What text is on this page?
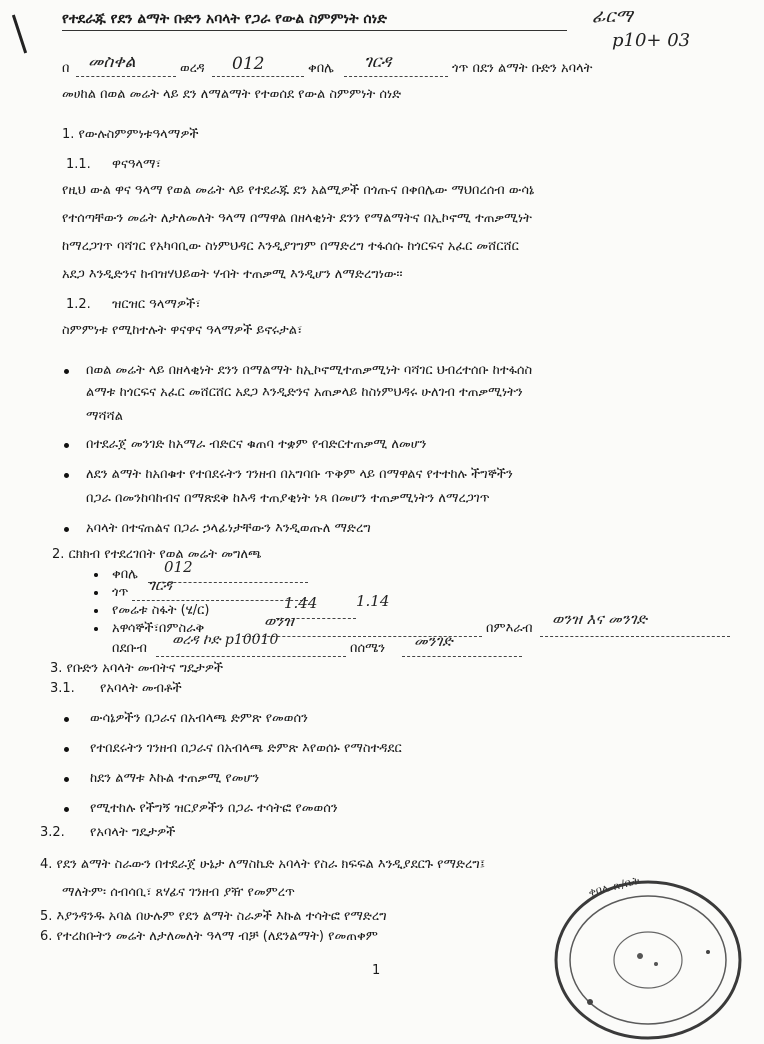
የተደራጁ የደን ልማት ቡድን አባላት የጋራ የውል ስምምነት ሰነድ	ፊርማ
p10+ 03
በ መስቀል	ወረዳ 012	ቀበሌ ገርዳ	ጎጥ በደን ልማት ቡድን አባላት
መሀከል በወል መሬት ላይ ደን ለማልማት የተወሰደ የውል ስምምነት ሰነድ
1. የውሉስምምነቱዓላማዎች
1.1. ዋናዓላማ፣
የዚህ ውል ዋና ዓላማ የወል መሬት ላይ የተደራጁ ደን አልሚዎች በጎጡና በቀበሌው ማህበረሰብ ውሳኔ
የተሰጣቸውን መሬት ለታለመለት ዓላማ በማዋል በዘላቂነት ደንን የማልማትና በኢኮኖሚ ተጠቃሚነት
ከማረጋገጥ ባሻገር የአካባቢው ስነምህዳር እንዲያገግም በማድረግ ተፋሰሱ ከጎርፍና አፈር መሸርሸር
አደጋ እንዲድንና ከብዝሃህይወት ሃብት ተጠቃሚ እንዲሆን ለማድረግነው፡፡
1.2. ዝርዝር ዓላማዎች፣
ስምምነቱ የሚከተሉት ዋናዋና ዓላማዎች ይኖሩታል፣
በወል መሬት ላይ በዘላቂነት ደንን በማልማት ከኢኮኖሚተጠቃሚነት ባሻገር ህብረተሰቡ ከተፋሰስ
ልማቱ ከጎርፍና አፈር መሸርሸር አደጋ እንዲድንና አጠቃላይ ከስነምህዳሩ ሁለገብ ተጠቃሚነትን
ማሻሻል
በተደራጀ መንገድ ከአማራ ብድርና ቁጠባ ተቋም የብድርተጠቃሚ ለመሆን
ለደን ልማት ከአበቁተ የተበደሩትን ገንዘብ በአግባቡ ጥቅም ላይ በማዋልና የተተከሉ ችግኞችን
በጋራ በመንከባከብና በማጽደቅ ከእዳ ተጠያቂነት ነጻ በመሆን ተጠቃሚነትን ለማረጋገጥ
አባላት በተናጠልና በጋራ ኃላፊነታቸውን እንዲወጡለ ማድረግ
2. ርክክብ የተደረገበት የወል መሬት መግለጫ
ቀበሌ 012
ጎጥ ገርዳ
የመሬቱ ስፋት (ሄ/ር)	1.44	1.14
አዋሳኞች፣በምስራቅ	ወንዝ	በምእራብ
ወንዝ እና መንገድ
በደቡብ
ወረዳ ኮድ p10010
በሰሜን መንገድ
3. የቡድን አባላት መብትና ግዴታዎች
3.1. የአባላት መብቶች
ውሳኔዎችን በጋራና በአብላጫ ድምጽ የመወሰን
የተበደሩትን ገንዘብ በጋራና በአብላጫ ድምጽ እየወሰኑ የማስተዳደር
ከደን ልማቱ እኩል ተጠቃሚ የመሆን
የሚተከሉ የችግኝ ዝርያዎችን በጋራ ተሳትፎ የመወሰን
3.2. የአባላት ግዴታዎች
4. የደን ልማት ስራውን በተደራጀ ሁኔታ ለማስኬድ አባላት የስራ ክፍፍል እንዲያደርጉ የማድረግ፤
ማለትም፡ ሰብሳቢ፣ ጸሃፊና ገንዘብ ያዥ የመምረጥ
5. እያንዳንዱ አባል በሁሉም የደን ልማት ስራዎች እኩል ተሳትፎ የማድረግ
6. የተረከቡትን መሬት ለታለመለት ዓላማ ብቻ (ለደንልማት) የመጠቀም
1
ቀበሌ ጽ/ቤት
